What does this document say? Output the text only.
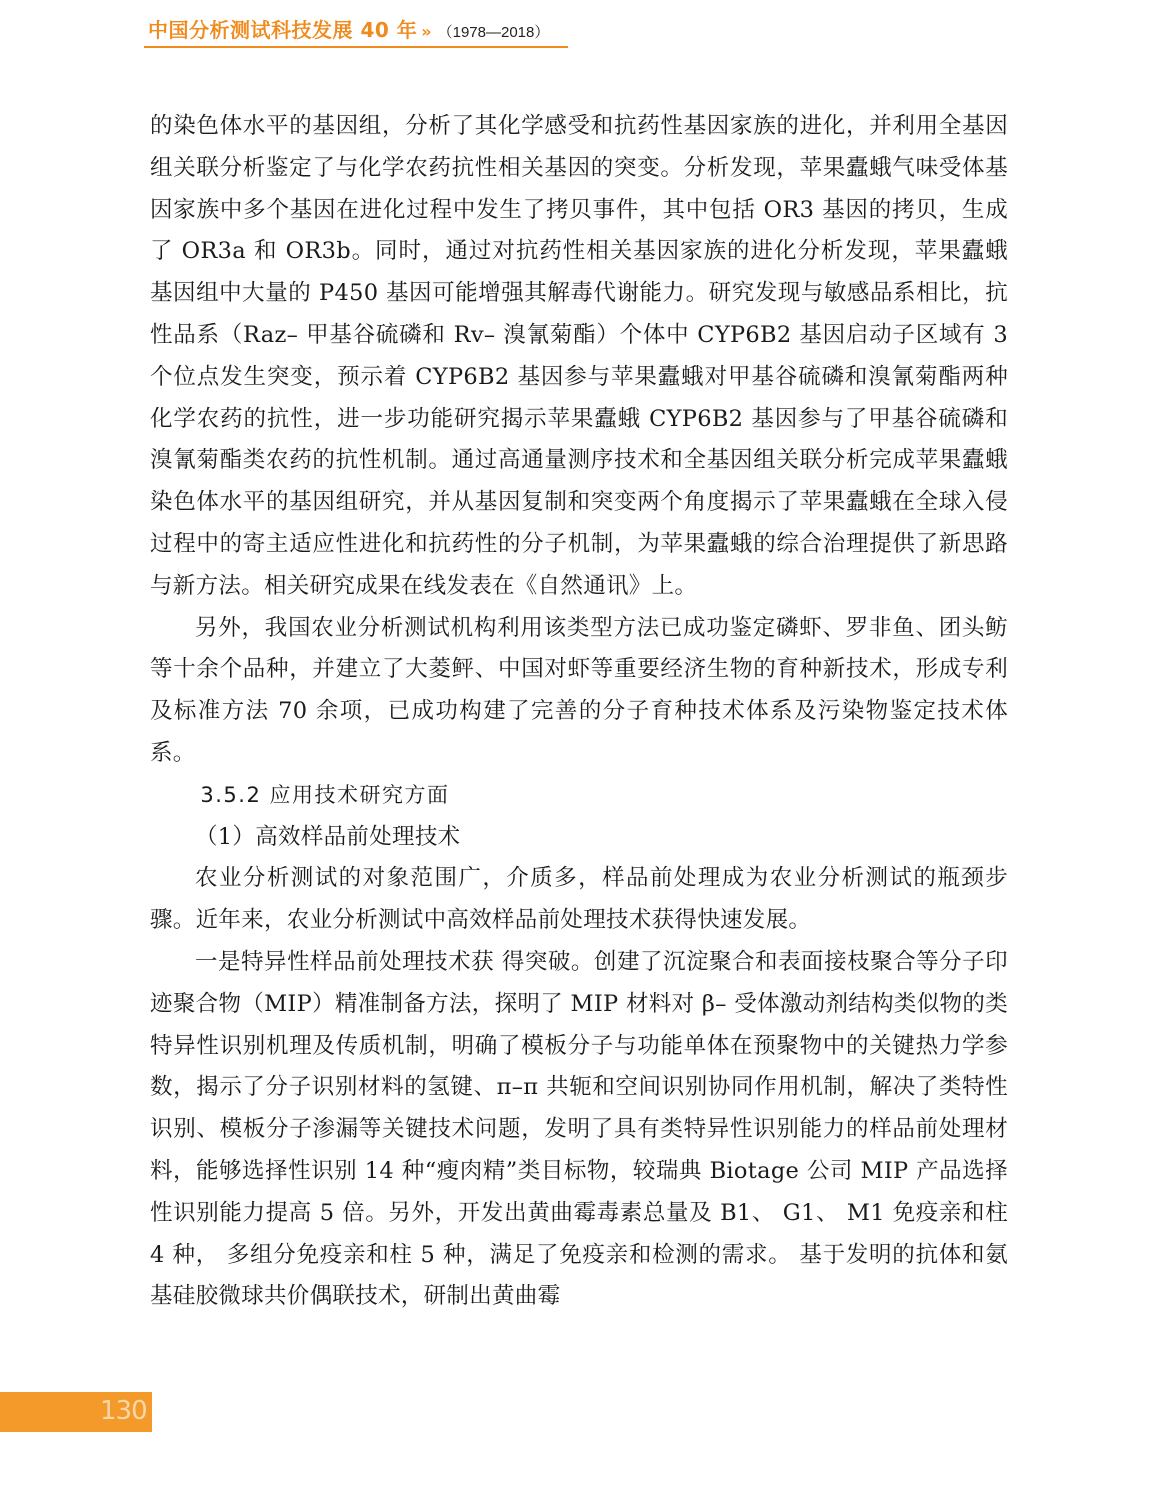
中国分析测试科技发展 40 年 » （1978—2018）

的染色体水平的基因组，分析了其化学感受和抗药性基因家族的进化，并利用全基因组关联分析鉴定了与化学农药抗性相关基因的突变。分析发现，苹果蠹蛾气味受体基因家族中多个基因在进化过程中发生了拷贝事件，其中包括 OR3 基因的拷贝，生成了 OR3a 和 OR3b。同时，通过对抗药性相关基因家族的进化分析发现，苹果蠹蛾基因组中大量的 P450 基因可能增强其解毒代谢能力。研究发现与敏感品系相比，抗性品系（Raz– 甲基谷硫磷和 Rv– 溴氰菊酯）个体中 CYP6B2 基因启动子区域有 3 个位点发生突变，预示着 CYP6B2 基因参与苹果蠹蛾对甲基谷硫磷和溴氰菊酯两种化学农药的抗性，进一步功能研究揭示苹果蠹蛾 CYP6B2 基因参与了甲基谷硫磷和溴氰菊酯类农药的抗性机制。通过高通量测序技术和全基因组关联分析完成苹果蠹蛾染色体水平的基因组研究，并从基因复制和突变两个角度揭示了苹果蠹蛾在全球入侵过程中的寄主适应性进化和抗药性的分子机制，为苹果蠹蛾的综合治理提供了新思路与新方法。相关研究成果在线发表在《自然通讯》上。

另外，我国农业分析测试机构利用该类型方法已成功鉴定磷虾、罗非鱼、团头鲂等十余个品种，并建立了大菱鲆、中国对虾等重要经济生物的育种新技术，形成专利及标准方法 70 余项，已成功构建了完善的分子育种技术体系及污染物鉴定技术体系。

3.5.2 应用技术研究方面

（1）高效样品前处理技术

农业分析测试的对象范围广，介质多，样品前处理成为农业分析测试的瓶颈步骤。近年来，农业分析测试中高效样品前处理技术获得快速发展。

一是特异性样品前处理技术获 得突破。创建了沉淀聚合和表面接枝聚合等分子印迹聚合物（MIP）精准制备方法，探明了 MIP 材料对 β– 受体激动剂结构类似物的类特异性识别机理及传质机制，明确了模板分子与功能单体在预聚物中的关键热力学参数，揭示了分子识别材料的氢键、π–π 共轭和空间识别协同作用机制，解决了类特性识别、模板分子渗漏等关键技术问题，发明了具有类特异性识别能力的样品前处理材料，能够选择性识别 14 种“瘦肉精”类目标物，较瑞典 Biotage 公司 MIP 产品选择性识别能力提高 5 倍。另外，开发出黄曲霉毒素总量及 B1、 G1、 M1 免疫亲和柱 4 种， 多组分免疫亲和柱 5 种，满足了免疫亲和检测的需求。 基于发明的抗体和氨基硅胶微球共价偶联技术，研制出黄曲霉

130
